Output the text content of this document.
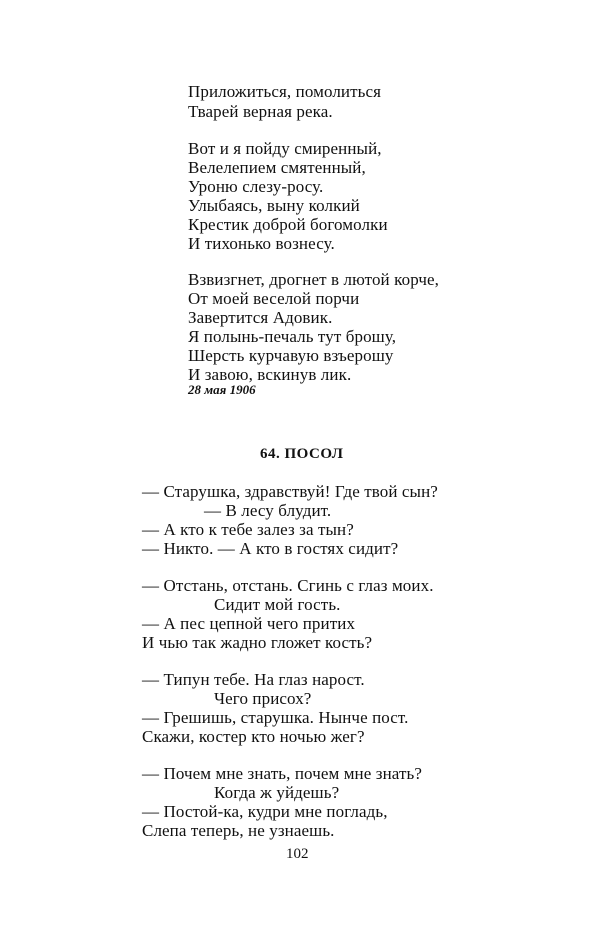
Приложиться, помолиться
Тварей верная река.
Вот и я пойду смиренный,
Велелепием смятенный,
Уроню слезу-росу.
Улыбаясь, выну колкий
Крестик доброй богомолки
И тихонько вознесу.
Взвизгнет, дрогнет в лютой корче,
От моей веселой порчи
Завертится Адовик.
Я полынь-печаль тут брошу,
Шерсть курчавую взъерошу
И завою, вскинув лик.
28 мая 1906
64. ПОСОЛ
— Старушка, здравствуй! Где твой сын?
— В лесу блудит.
— А кто к тебе залез за тын?
— Никто. — А кто в гостях сидит?
— Отстань, отстань. Сгинь с глаз моих.
Сидит мой гость.
— А пес цепной чего притих
И чью так жадно гложет кость?
— Типун тебе. На глаз нарост.
Чего присох?
— Грешишь, старушка. Нынче пост.
Скажи, костер кто ночью жег?
— Почем мне знать, почем мне знать?
Когда ж уйдешь?
— Постой-ка, кудри мне погладь,
Слепа теперь, не узнаешь.
102
